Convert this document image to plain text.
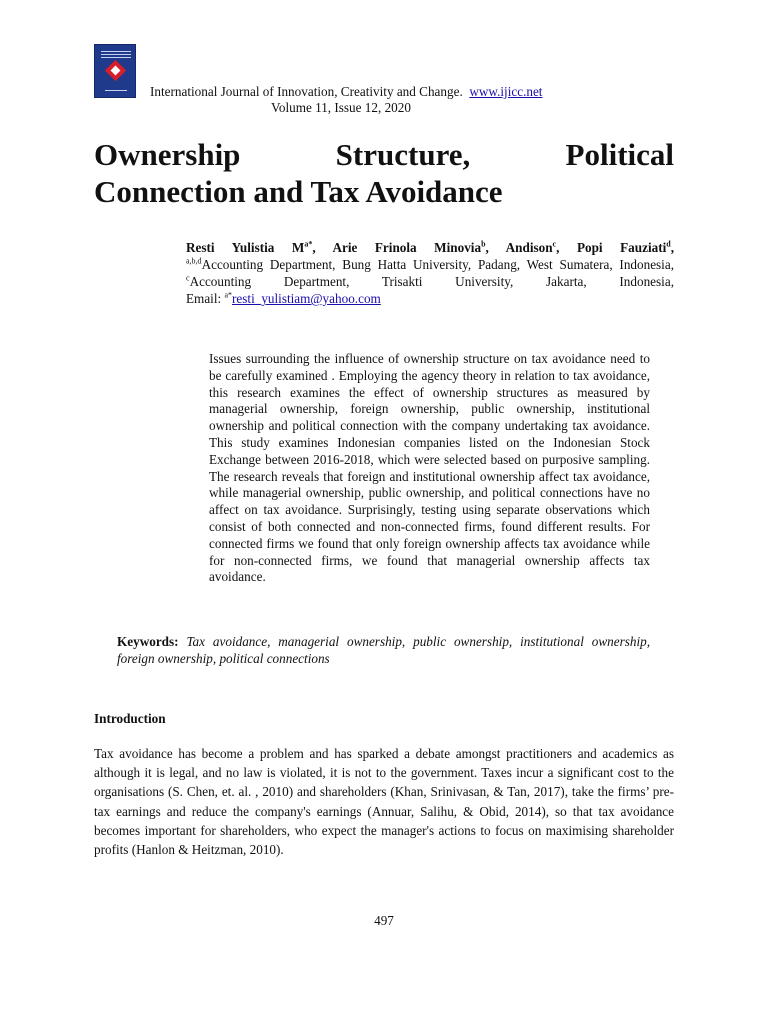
International Journal of Innovation, Creativity and Change. www.ijicc.net
Volume 11, Issue 12, 2020
Ownership Structure, Political
Connection and Tax Avoidance
Resti Yulistia $M^{a*}$, Arie Frinola Minovia$^b$, Andison$^c$, Popi Fauziati$^d$,
$^{a,b,d}$Accounting Department, Bung Hatta University, Padang, West Sumatera, Indonesia, $^c$Accounting Department, Trisakti University, Jakarta, Indonesia,
Email: $^{a*}$resti_yulistiam@yahoo.com

Issues surrounding the influence of ownership structure on tax avoidance need to be carefully examined . Employing the agency theory in relation to tax avoidance, this research examines the effect of ownership structures as measured by managerial ownership, foreign ownership, public ownership, institutional ownership and political connection with the company undertaking tax avoidance. This study examines Indonesian companies listed on the Indonesian Stock Exchange between 2016-2018, which were selected based on purposive sampling. The research reveals that foreign and institutional ownership affect tax avoidance, while managerial ownership, public ownership, and political connections have no affect on tax avoidance. Surprisingly, testing using separate observations which consist of both connected and non-connected firms, found different results. For connected firms we found that only foreign ownership affects tax avoidance while for non-connected firms, we found that managerial ownership affects tax avoidance.

Keywords: Tax avoidance, managerial ownership, public ownership, institutional ownership, foreign ownership, political connections
Introduction

Tax avoidance has become a problem and has sparked a debate amongst practitioners and academics as although it is legal, and no law is violated, it is not to the government. Taxes incur a significant cost to the organisations (S. Chen, et. al. , 2010) and shareholders (Khan, Srinivasan, & Tan, 2017), take the firms’ pre-tax earnings and reduce the company's earnings (Annuar, Salihu, & Obid, 2014), so that tax avoidance becomes important for shareholders, who expect the manager's actions to focus on maximising shareholder profits (Hanlon & Heitzman, 2010).

497
